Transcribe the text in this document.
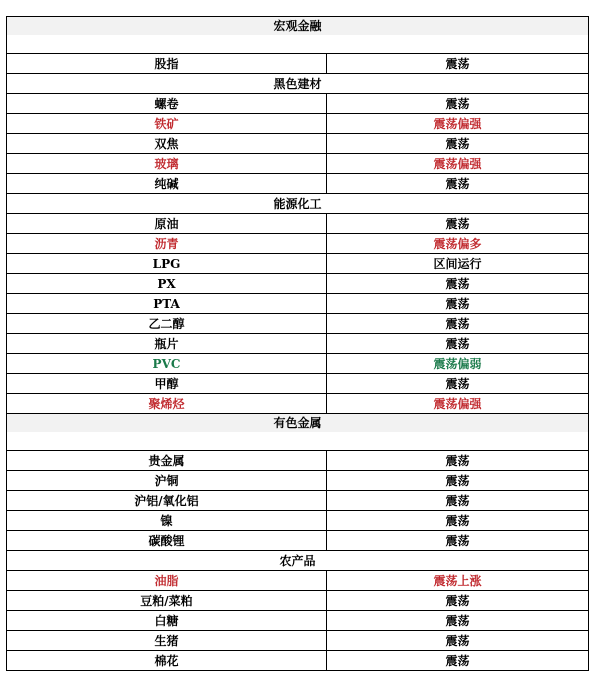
宏观金融	

股指	震荡

黑色建材	

螺卷	震荡
铁矿	震荡偏强
双焦	震荡
玻璃	震荡偏强
纯碱	震荡

能源化工	

原油	震荡
沥青	震荡偏多
LPG	区间运行
PX	震荡
PTA	震荡
乙二醇	震荡
瓶片	震荡
PVC	震荡偏弱
甲醇	震荡
聚烯烃	震荡偏强

有色金属	

贵金属	震荡
沪铜	震荡
沪铝/氧化铝	震荡
镍	震荡
碳酸锂	震荡

农产品	

油脂	震荡上涨
豆粕/菜粕	震荡
白糖	震荡
生猪	震荡
棉花	震荡
